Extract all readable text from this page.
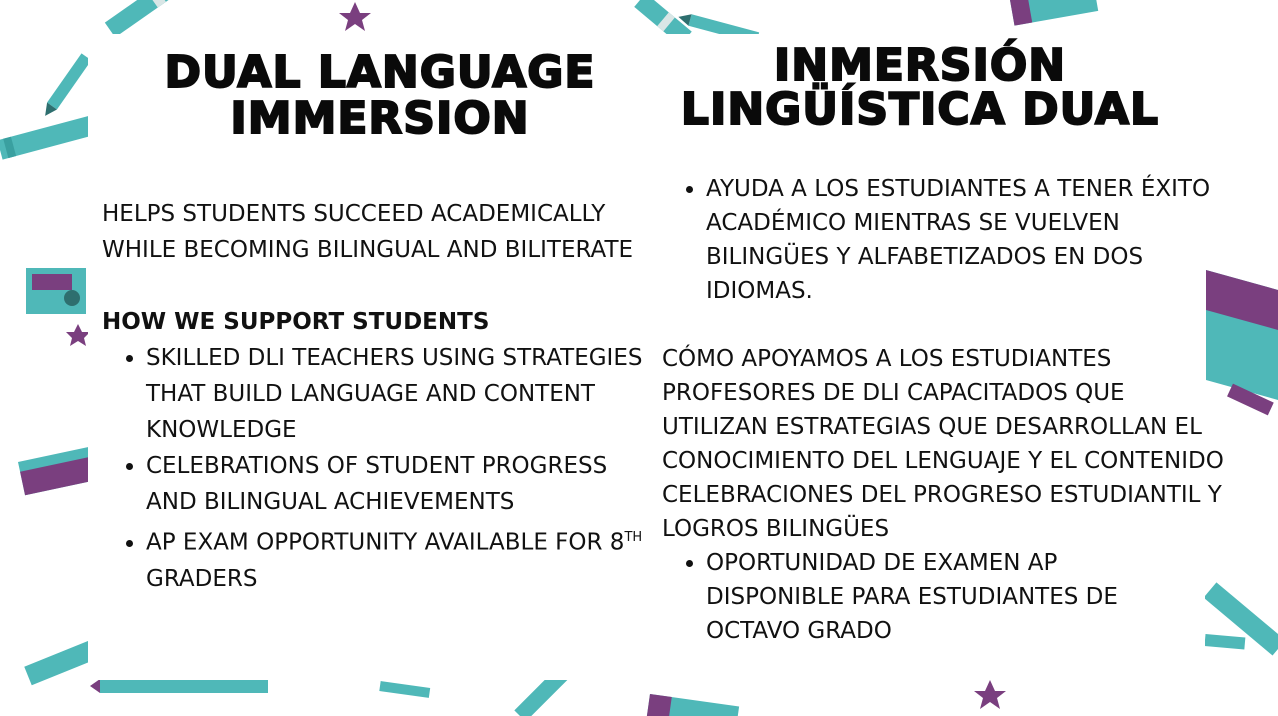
DUAL LANGUAGE
IMMERSION

HELPS STUDENTS SUCCEED ACADEMICALLY WHILE BECOMING BILINGUAL AND BILITERATE

HOW WE SUPPORT STUDENTS

• SKILLED DLI TEACHERS USING STRATEGIES THAT BUILD LANGUAGE AND CONTENT KNOWLEDGE
• CELEBRATIONS OF STUDENT PROGRESS AND BILINGUAL ACHIEVEMENTS
• AP EXAM OPPORTUNITY AVAILABLE FOR 8TH GRADERS
INMERSIÓN
LINGÜÍSTICA DUAL
• AYUDA A LOS ESTUDIANTES A TENER ÉXITO ACADÉMICO MIENTRAS SE VUELVEN BILINGÜES Y ALFABETIZADOS EN DOS IDIOMAS.

CÓMO APOYAMOS A LOS ESTUDIANTES

PROFESORES DE DLI CAPACITADOS QUE UTILIZAN ESTRATEGIAS QUE DESARROLLAN EL CONOCIMIENTO DEL LENGUAJE Y EL CONTENIDO

CELEBRACIONES DEL PROGRESO ESTUDIANTIL Y LOGROS BILINGÜES

• OPORTUNIDAD DE EXAMEN AP DISPONIBLE PARA ESTUDIANTES DE OCTAVO GRADO
